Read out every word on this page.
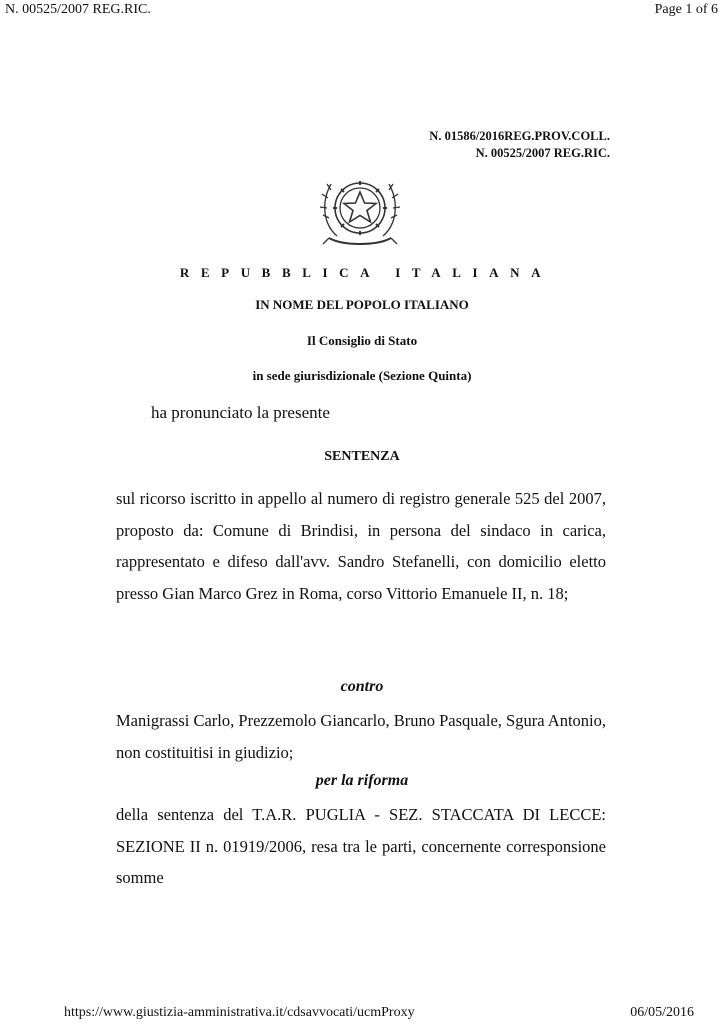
N. 00525/2007 REG.RIC.	Page 1 of 6
N. 01586/2016REG.PROV.COLL.
N. 00525/2007 REG.RIC.
REPUBBLICA ITALIANA
IN NOME DEL POPOLO ITALIANO
Il Consiglio di Stato
in sede giurisdizionale (Sezione Quinta)
ha pronunciato la presente
SENTENZA
sul ricorso iscritto in appello al numero di registro generale 525 del 2007, proposto da: Comune di Brindisi, in persona del sindaco in carica, rappresentato e difeso dall'avv. Sandro Stefanelli, con domicilio eletto presso Gian Marco Grez in Roma, corso Vittorio Emanuele II, n. 18;
contro
Manigrassi Carlo, Prezzemolo Giancarlo, Bruno Pasquale, Sgura Antonio, non costituitisi in giudizio;
per la riforma
della sentenza del T.A.R. PUGLIA - SEZ. STACCATA DI LECCE: SEZIONE II n. 01919/2006, resa tra le parti, concernente corresponsione somme
https://www.giustizia-amministrativa.it/cdsavvocati/ucmProxy	06/05/2016
